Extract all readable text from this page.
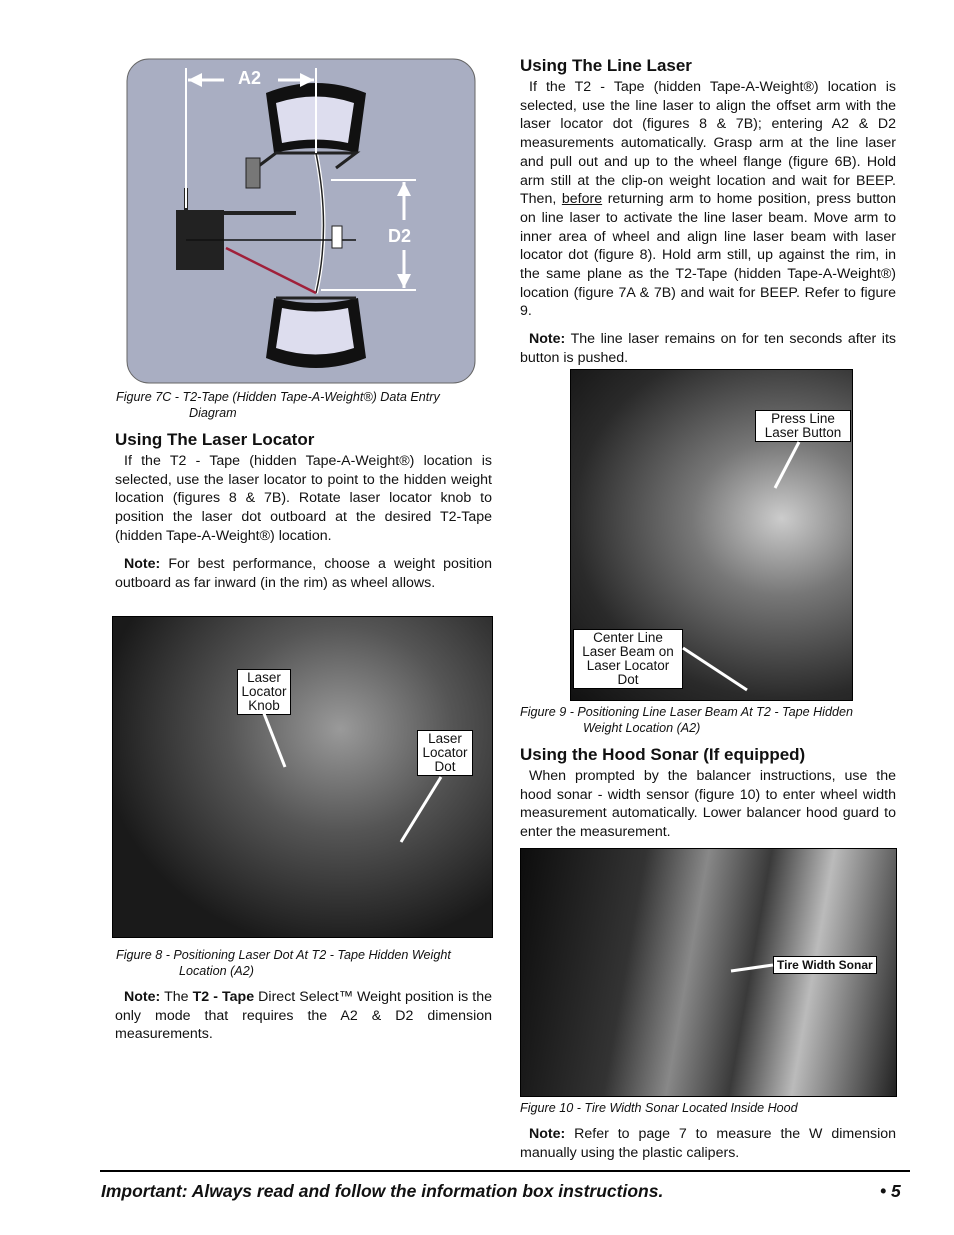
A2
D2
Figure 7C - T2-Tape (Hidden Tape-A-Weight®) Data Entry
Diagram
Using The Laser Locator
If the T2 - Tape (hidden Tape-A-Weight®) location is selected, use the laser locator to point to the hidden weight location (figures 8 & 7B). Rotate laser locator knob to position the laser dot outboard at the desired T2-Tape (hidden Tape-A-Weight®) location.
Note: For best performance, choose a weight position outboard as far inward (in the rim) as wheel allows.
Laser Locator Knob
Laser Locator Dot
Figure 8 - Positioning Laser Dot At T2 - Tape Hidden Weight
Location (A2)
Note: The T2 - Tape Direct Select™ Weight position is the only mode that requires the A2 & D2 dimension measurements.
Using The Line Laser
If the T2 - Tape (hidden Tape-A-Weight®) location is selected, use the line laser to align the offset arm with the laser locator dot (figures 8 & 7B); entering A2 & D2 measurements automatically. Grasp arm at the line laser and pull out and up to the wheel flange (figure 6B). Hold arm still at the clip-on weight location and wait for BEEP. Then, before returning arm to home position, press button on line laser to activate the line laser beam. Move arm to inner area of wheel and align line laser beam with laser locator dot (figure 8). Hold arm still, up against the rim, in the same plane as the T2-Tape (hidden Tape-A-Weight®) location (figure 7A & 7B) and wait for BEEP. Refer to figure 9.
Note: The line laser remains on for ten seconds after its button is pushed.
Press Line Laser Button
Center Line Laser Beam on Laser Locator Dot
Figure 9 - Positioning Line Laser Beam At T2 - Tape Hidden
Weight Location (A2)
Using the Hood Sonar (If equipped)
When prompted by the balancer instructions, use the hood sonar - width sensor (figure 10) to enter wheel width measurement automatically. Lower balancer hood guard to enter the measurement.
Tire Width Sonar
Figure 10 - Tire Width Sonar Located Inside Hood
Note: Refer to page 7 to measure the W dimension manually using the plastic calipers.
Important: Always read and follow the information box instructions.	• 5
